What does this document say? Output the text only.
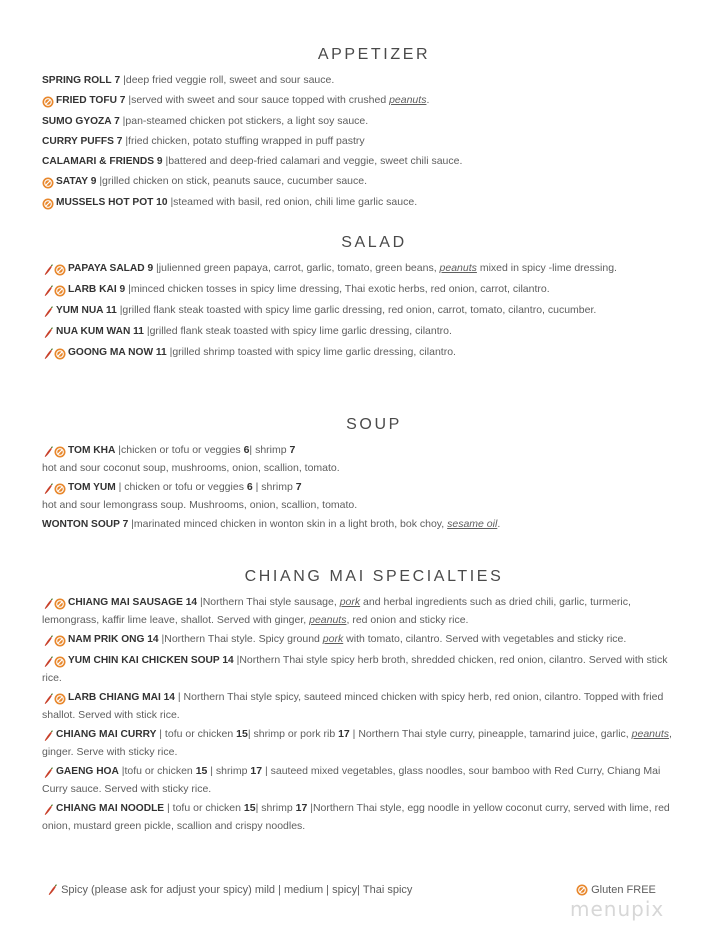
APPETIZER
SPRING ROLL 7 |deep fried veggie roll, sweet and sour sauce.
FRIED TOFU 7 |served with sweet and sour sauce topped with crushed peanuts.
SUMO GYOZA 7 |pan-steamed chicken pot stickers, a light soy sauce.
CURRY PUFFS 7 |fried chicken, potato stuffing wrapped in puff pastry
CALAMARI & FRIENDS 9 |battered and deep-fried calamari and veggie, sweet chili sauce.
SATAY 9 |grilled chicken on stick, peanuts sauce, cucumber sauce.
MUSSELS HOT POT 10 |steamed with basil, red onion, chili lime garlic sauce.
SALAD
PAPAYA SALAD 9 |julienned green papaya, carrot, garlic, tomato, green beans, peanuts mixed in spicy -lime dressing.
LARB KAI 9 |minced chicken tosses in spicy lime dressing, Thai exotic herbs, red onion, carrot, cilantro.
YUM NUA 11 |grilled flank steak toasted with spicy lime garlic dressing, red onion, carrot, tomato, cilantro, cucumber.
NUA KUM WAN 11 |grilled flank steak toasted with spicy lime garlic dressing, cilantro.
GOONG MA NOW 11 |grilled shrimp toasted with spicy lime garlic dressing, cilantro.
SOUP
TOM KHA |chicken or tofu or veggies 6| shrimp 7
hot and sour coconut soup, mushrooms, onion, scallion, tomato.
TOM YUM | chicken or tofu or veggies 6 | shrimp 7
hot and sour lemongrass soup. Mushrooms, onion, scallion, tomato.
WONTON SOUP 7 |marinated minced chicken in wonton skin in a light broth, bok choy, sesame oil.
CHIANG MAI SPECIALTIES
CHIANG MAI SAUSAGE 14 |Northern Thai style sausage, pork and herbal ingredients such as dried chili, garlic, turmeric, lemongrass, kaffir lime leave, shallot. Served with ginger, peanuts, red onion and sticky rice.
NAM PRIK ONG 14 |Northern Thai style. Spicy ground pork with tomato, cilantro. Served with vegetables and sticky rice.
YUM CHIN KAI CHICKEN SOUP 14 |Northern Thai style spicy herb broth, shredded chicken, red onion, cilantro. Served with stick rice.
LARB CHIANG MAI 14 | Northern Thai style spicy, sauteed minced chicken with spicy herb, red onion, cilantro. Topped with fried shallot. Served with stick rice.
CHIANG MAI CURRY | tofu or chicken 15| shrimp or pork rib 17 | Northern Thai style curry, pineapple, tamarind juice, garlic, peanuts, ginger. Serve with sticky rice.
GAENG HOA |tofu or chicken 15 | shrimp 17 | sauteed mixed vegetables, glass noodles, sour bamboo with Red Curry, Chiang Mai Curry sauce. Served with sticky rice.
CHIANG MAI NOODLE | tofu or chicken 15| shrimp 17 |Northern Thai style, egg noodle in yellow coconut curry, served with lime, red onion, mustard green pickle, scallion and crispy noodles.
Spicy (please ask for adjust your spicy) mild | medium | spicy| Thai spicy	Gluten FREE
menupix
